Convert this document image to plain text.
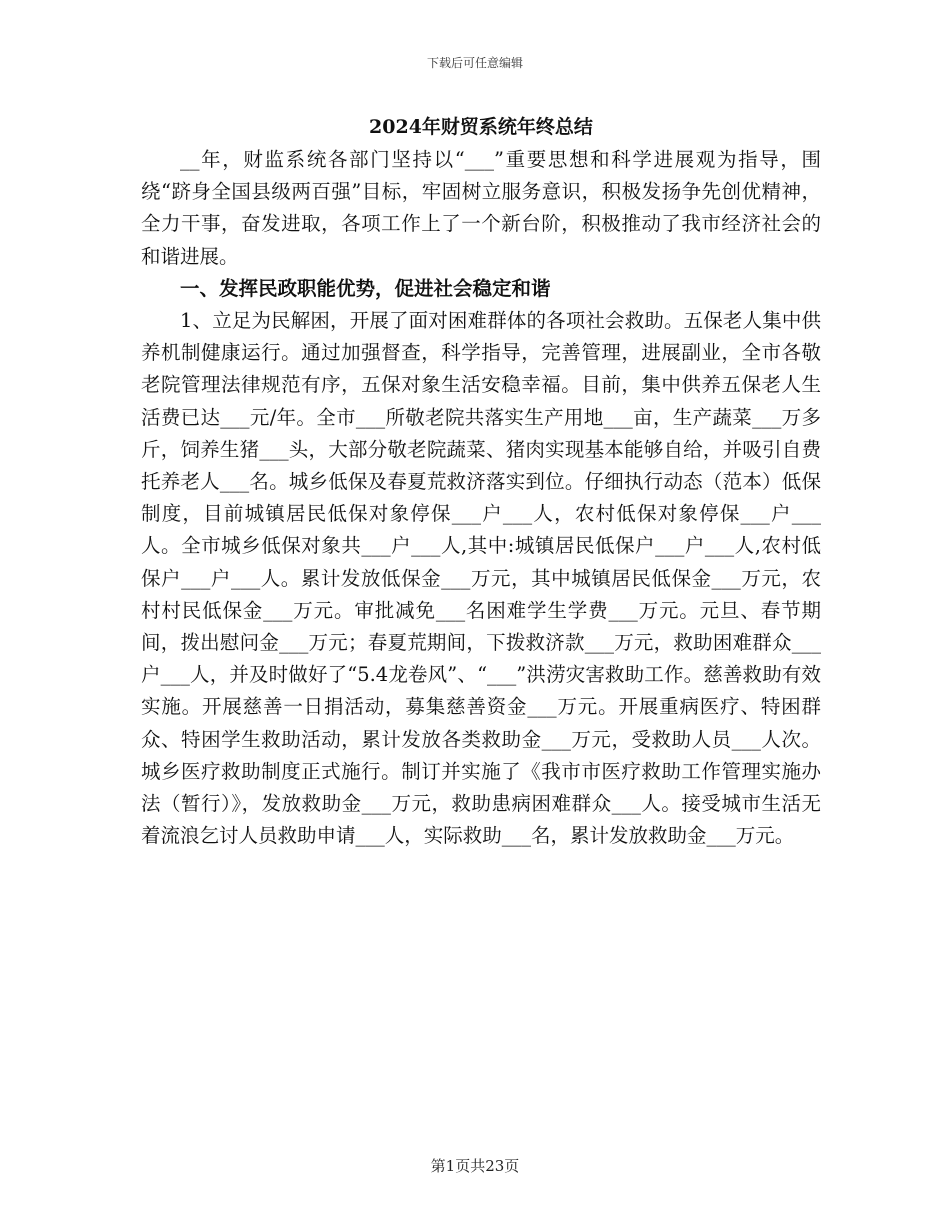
下载后可任意编辑
2024年财贸系统年终总结

__年，财监系统各部门坚持以“___”重要思想和科学进展观为指导，围绕“跻身全国县级两百强”目标，牢固树立服务意识，积极发扬争先创优精神，全力干事，奋发进取，各项工作上了一个新台阶，积极推动了我市经济社会的和谐进展。

一、发挥民政职能优势，促进社会稳定和谐

1、立足为民解困，开展了面对困难群体的各项社会救助。五保老人集中供养机制健康运行。通过加强督查，科学指导，完善管理，进展副业，全市各敬老院管理法律规范有序，五保对象生活安稳幸福。目前，集中供养五保老人生活费已达___元/年。全市___所敬老院共落实生产用地___亩，生产蔬菜___万多斤，饲养生猪___头，大部分敬老院蔬菜、猪肉实现基本能够自给，并吸引自费托养老人___名。城乡低保及春夏荒救济落实到位。仔细执行动态（范本）低保制度，目前城镇居民低保对象停保___户___人，农村低保对象停保___户___人。全市城乡低保对象共___户___人,其中:城镇居民低保户___户___人,农村低保户___户___人。累计发放低保金___万元，其中城镇居民低保金___万元，农村村民低保金___万元。审批减免___名困难学生学费___万元。元旦、春节期间，拨出慰问金___万元；春夏荒期间，下拨救济款___万元，救助困难群众___户___人，并及时做好了“5.4龙卷风”、“___”洪涝灾害救助工作。慈善救助有效实施。开展慈善一日捐活动，募集慈善资金___万元。开展重病医疗、特困群众、特困学生救助活动，累计发放各类救助金___万元，受救助人员___人次。城乡医疗救助制度正式施行。制订并实施了《我市市医疗救助工作管理实施办法（暂行）》，发放救助金___万元，救助患病困难群众___人。接受城市生活无着流浪乞讨人员救助申请___人，实际救助___名，累计发放救助金___万元。

第1页共23页
